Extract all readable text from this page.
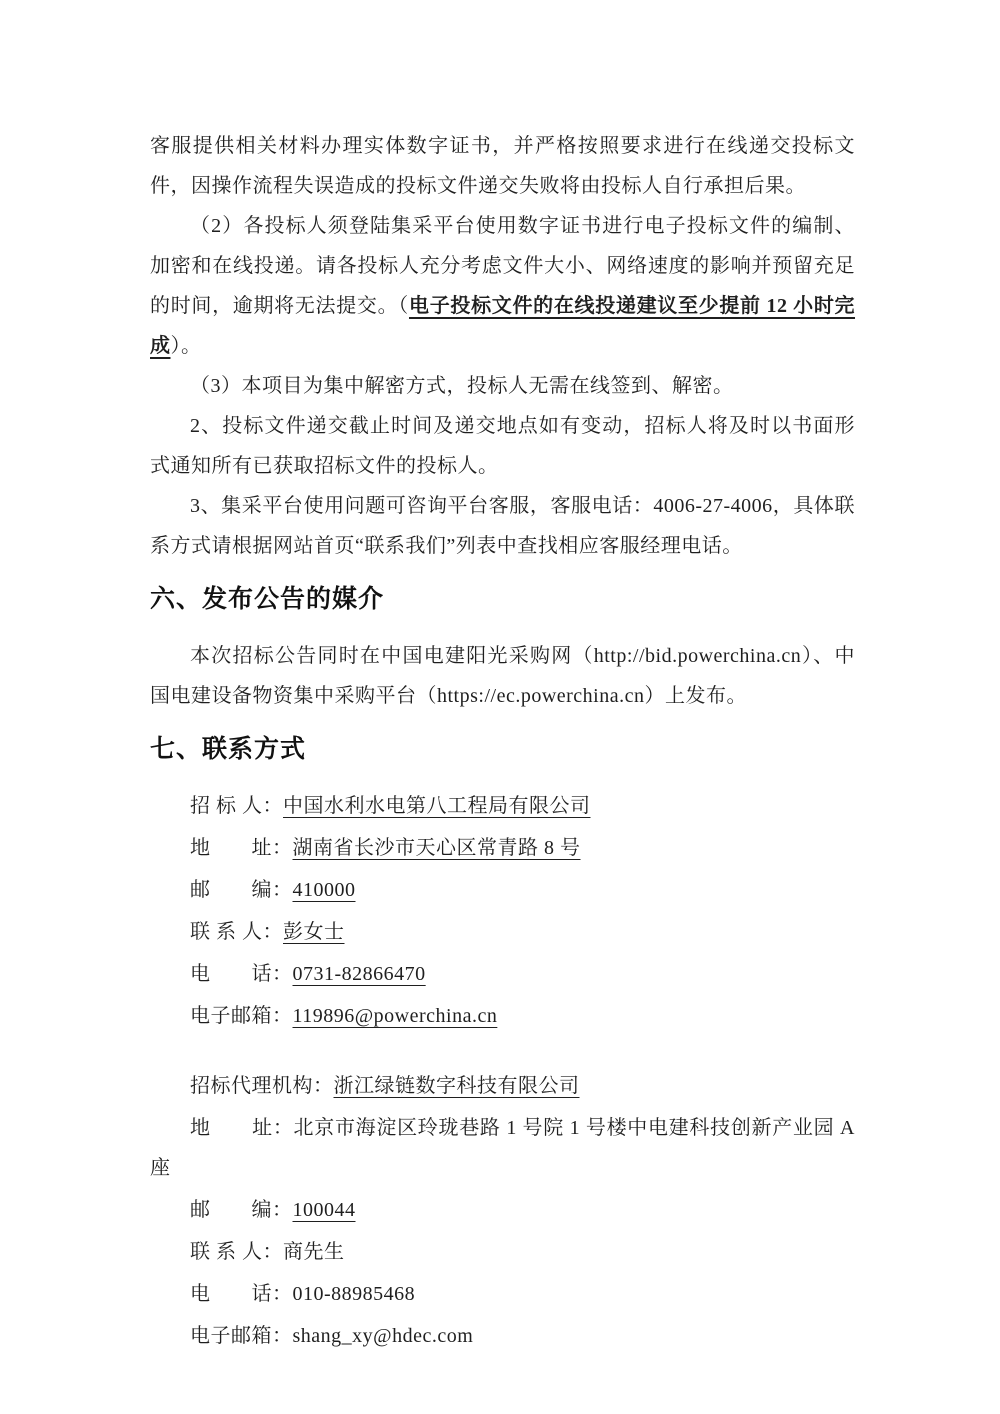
客服提供相关材料办理实体数字证书，并严格按照要求进行在线递交投标文件，因操作流程失误造成的投标文件递交失败将由投标人自行承担后果。

（2）各投标人须登陆集采平台使用数字证书进行电子投标文件的编制、加密和在线投递。请各投标人充分考虑文件大小、网络速度的影响并预留充足的时间，逾期将无法提交。（电子投标文件的在线投递建议至少提前 12 小时完成）。

（3）本项目为集中解密方式，投标人无需在线签到、解密。

2、投标文件递交截止时间及递交地点如有变动，招标人将及时以书面形式通知所有已获取招标文件的投标人。

3、集采平台使用问题可咨询平台客服，客服电话：4006-27-4006，具体联系方式请根据网站首页“联系我们”列表中查找相应客服经理电话。

六、发布公告的媒介

本次招标公告同时在中国电建阳光采购网（http://bid.powerchina.cn）、中国电建设备物资集中采购平台（https://ec.powerchina.cn）上发布。

七、联系方式

招 标 人：中国水利水电第八工程局有限公司

地　　址：湖南省长沙市天心区常青路 8 号

邮　　编：410000

联 系 人：彭女士

电　　话：0731-82866470

电子邮箱：119896@powerchina.cn

招标代理机构：浙江绿链数字科技有限公司

地　　址：北京市海淀区玲珑巷路 1 号院 1 号楼中电建科技创新产业园 A座

邮　　编：100044

联 系 人：商先生

电　　话：010-88985468

电子邮箱：shang_xy@hdec.com
